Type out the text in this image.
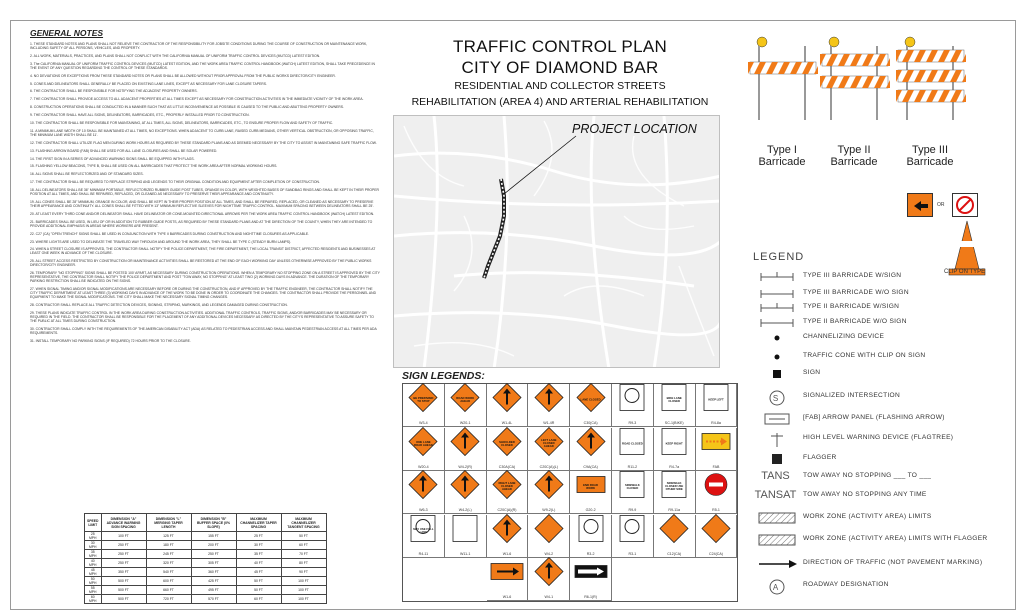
GENERAL NOTES
1. THESE STANDARD NOTES AND PLANS SHALL NOT RELIEVE THE CONTRACTOR OF THE RESPONSIBILITY FOR JOBSITE CONDITIONS DURING THE COURSE OF CONSTRUCTION OR MAINTENANCE WORK, INCLUDING SAFETY OF ALL PERSONS, VEHICLES, AND PROPERTY.
2. ALL WORK, MATERIALS, PRACTICES, AND PLANS SHALL NOT CONFLICT WITH THE CALIFORNIA MANUAL OF UNIFORM TRAFFIC CONTROL DEVICES (MUTCD) LATEST EDITION.
3. The CALIFORNIA MANUAL OF UNIFORM TRAFFIC CONTROL DEVICES (MUTCD) LATEST EDITION, AND THE WORK AREA TRAFFIC CONTROL HANDBOOK (WATCH) LATEST EDITION, SHALL TAKE PRECEDENCE IN THE EVENT OF ANY QUESTION REGARDING THE CONTROL OF THESE STANDARDS.
4. NO DEVIATIONS OR EXCEPTIONS FROM THESE STANDARD NOTES OR PLANS SHALL BE ALLOWED WITHOUT PRIOR APPROVAL FROM THE PUBLIC WORKS DIRECTOR/CITY ENGINEER.
5. CONES AND DELINEATORS SHALL GENERALLY BE PLACED ON EXISTING LANE LINES, EXCEPT AS NECESSARY FOR LANE CLOSURE TAPERS.
6. THE CONTRACTOR SHALL BE RESPONSIBLE FOR NOTIFYING THE ADJACENT PROPERTY OWNERS.
7. THE CONTRACTOR SHALL PROVIDE ACCESS TO ALL ADJACENT PROPERTIES AT ALL TIMES EXCEPT AS NECESSARY FOR CONSTRUCTION ACTIVITIES IN THE IMMEDIATE VICINITY OF THE WORK AREA.
8. CONSTRUCTION OPERATIONS SHALL BE CONDUCTED IN A MANNER SUCH THAT AS LITTLE INCONVENIENCE AS POSSIBLE IS CAUSED TO THE PUBLIC AND ABUTTING PROPERTY OWNERS.
9. THE CONTRACTOR SHALL HAVE ALL SIGNS, DELINEATORS, BARRICADES, ETC., PROPERLY INSTALLED PRIOR TO CONSTRUCTION.
10. THE CONTRACTOR SHALL BE RESPONSIBLE FOR MAINTAINING, AT ALL TIMES, ALL SIGNS, DELINEATORS, BARRICADES, ETC., TO ENSURE PROPER FLOW AND SAFETY OF TRAFFIC.
11. A MINIMUM LANE WIDTH OF 10 SHALL BE MAINTAINED AT ALL TIMES, NO EXCEPTIONS. WHEN ADJACENT TO CURB LANE, RAISED CURB MEDIANS, OTHER VERTICAL OBSTRUCTION, OR OPPOSING TRAFFIC, THE MINIMUM LANE WIDTH SHALL BE 11'.
12. THE CONTRACTOR SHALL UTILIZE FLAG MEN DURING WORK HOURS AS REQUIRED BY THESE STANDARD PLANS AND AS DEEMED NECESSARY BY THE CITY TO ASSIST IN MAINTAINING SAFE TRAFFIC FLOW.
13. FLASHING ARROW BOARD (FAB) SHALL BE USED FOR ALL LANE CLOSURES AND SHALL BE SOLAR POWERED.
14. THE FIRST SIGN IN A SERIES OF ADVANCED WARNING SIGNS SHALL BE EQUIPPED WITH FLAGS.
15. FLASHING YELLOW BEACONS, TYPE B, SHALL BE USED ON ALL BARRICADES THAT PROTECT THE WORK AREA AFTER NORMAL WORKING HOURS.
16. ALL SIGNS SHALL BE REFLECTORIZED AND OF STANDARD SIZES.
17. THE CONTRACTOR SHALL BE REQUIRED TO REPLACE STRIPING AND LEGENDS TO THEIR ORIGINAL CONDITION AND EQUIPMENT AFTER COMPLETION OF CONSTRUCTION.
18. ALL DELINEATORS SHALL BE 36" MINIMUM PORTABLE, REFLECTORIZED RUBBER GUIDE POST TUBES, ORANGE IN COLOR, WITH WEIGHTED BASES OF SANDBAG RINGS AND SHALL BE KEPT IN THEIR PROPER POSITION AT ALL TIMES, AND SHALL BE REPAIRED, REPLACED, OR CLEANED AS NECESSARY TO PRESERVE THEIR APPEARANCE AND CONTINUITY.
19. ALL CONES SHALL BE 28" MINIMUM, ORANGE IN COLOR, AND SHALL BE KEPT IN THEIR PROPER POSITION AT ALL TIMES, AND SHALL BE REPAIRED, REPLACED, OR CLEANED AS NECESSARY TO PRESERVE THEIR APPEARANCE AND CONTINUITY. ALL CONES SHALL BE FITTED WITH 13" MINIMUM REFLECTIVE SLEEVES FOR NIGHTTIME TRAFFIC CONTROL. MAXIMUM SPACING BETWEEN DELINEATORS SHALL BE 25'.
20. AT LEAST EVERY THIRD CONE AND/OR DELINEATOR SHALL HAVE DELINEATOR OR CONE-MOUNTED DIRECTIONAL ARROWS PER THE WORK AREA TRAFFIC CONTROL HANDBOOK (WATCH) LATEST EDITION.
21. BARRICADES SHALL BE USED, IN LIEU OF OR IN ADDITION TO RUBBER GUIDE POSTS, AS REQUIRED BY THESE STANDARD PLANS AND AT THE DIRECTION OF THE COUNTY, WHEN THEY ARE INTENDED TO PROVIDE ADDITIONAL EMPHASIS IN AREAS WHERE WORKERS ARE PRESENT.
22. C27 (CA) "OPEN TRENCH" SIGNS SHALL BE USED IN CONJUNCTION WITH TYPE II BARRICADES DURING CONSTRUCTION AND NIGHTTIME CLOSURES AS APPLICABLE.
23. WHERE LIGHTS ARE USED TO DELINEATE THE TRAVELED WAY THROUGH AND AROUND THE WORK AREA, THEY SHALL BE TYPE C (STEADY BURN LAMPS).
24. WHEN A STREET CLOSURE IS APPROVED, THE CONTRACTOR SHALL NOTIFY THE POLICE DEPARTMENT, THE FIRE DEPARTMENT, THE LOCAL TRANSIT DISTRICT, AFFECTED RESIDENTS AND BUSINESSES AT LEAST ONE WEEK IN ADVANCE OF THE CLOSURE.
25. ALL STREET ACCESS RESTRICTED BY CONSTRUCTION OR MAINTENANCE ACTIVITIES SHALL BE RESTORED AT THE END OF EACH WORKING DAY UNLESS OTHERWISE APPROVED BY THE PUBLIC WORKS DIRECTOR/CITY ENGINEER.
26. TEMPORARY "NO STOPPING" SIGNS SHALL BE POSTED 100' APART, AS NECESSARY DURING CONSTRUCTION OPERATIONS. WHEN A TEMPORARY NO STOPPING ZONE ON A STREET IS APPROVED BY THE CITY REPRESENTATIVE, THE CONTRACTOR SHALL NOTIFY THE POLICE DEPARTMENT AND POST "TOW AWAY, NO STOPPING" AT LEAST TWO (2) WORKING DAYS IN ADVANCE. THE DURATION OF THE TEMPORARY PARKING RESTRICTION SHALL BE INDICATED ON THE SIGNS.
27. WHEN SIGNAL TIMING AND/OR SIGNAL MODIFICATIONS ARE NECESSARY BEFORE OR DURING THE CONSTRUCTION, AND IF APPROVED BY THE TRAFFIC ENGINEER, THE CONTRACTOR SHALL NOTIFY THE CITY TRAFFIC DEPARTMENT AT LEAST THREE (3) WORKING DAYS IN ADVANCE OF THE WORK TO BE DONE IN ORDER TO COORDINATE THE CHANGES. THE CONTRACTOR SHALL PROVIDE THE PERSONNEL AND EQUIPMENT TO MAKE THE SIGNAL MODIFICATIONS. THE CITY SHALL MAKE THE NECESSARY SIGNAL TIMING CHANGES.
28. CONTRACTOR SHALL REPLACE ALL TRAFFIC DETECTION DEVICES, SIGNING, STRIPING, MARKINGS, AND LEGENDS DAMAGED DURING CONSTRUCTION.
29. THESE PLANS INDICATE TRAFFIC CONTROL IN THE WORK AREA DURING CONSTRUCTION ACTIVITIES. ADDITIONAL TRAFFIC CONTROLS, TRAFFIC SIGNS, AND/OR BARRICADES MAY BE NECESSARY OR REQUIRED IN THE FIELD. THE CONTRACTOR SHALL BE RESPONSIBLE FOR THE PLACEMENT OF ANY ADDITIONAL DEVICES NECESSARY AS DIRECTED BY THE CITY'S REPRESENTATIVE TO ASSURE SAFETY TO THE PUBLIC AT ALL TIMES DURING CONSTRUCTION.
30. CONTRACTOR SHALL COMPLY WITH THE REQUIREMENTS OF THE AMERICAN DISABILITY ACT (ADA) AS RELATED TO PEDESTRIAN ACCESS AND SHALL MAINTAIN PEDESTRIAN ACCESS AT ALL TIMES PER ADA REQUIREMENTS.
31. INSTALL TEMPORARY NO PARKING SIGNS (IF REQUIRED) 72 HOURS PRIOR TO THE CLOSURE.
SPEED LIMIT	DIMENSION "A" ADVANCE WARNING SIGN SPACING	DIMENSION "L" MERGING TAPER LENGTH	DIMENSION "B" BUFFER SPACE (0% SLOPE)	MAXIMUM CHANNELIZER TAPER SPACING	MAXIMUM CHANNELIZER TANGENT SPACING
25 MPH	100 FT	125 FT	155 FT	25 FT	50 FT
30 MPH	250 FT	180 FT	200 FT	30 FT	60 FT
35 MPH	250 FT	245 FT	250 FT	35 FT	70 FT
40 MPH	250 FT	320 FT	305 FT	40 FT	80 FT
45 MPH	350 FT	540 FT	360 FT	45 FT	90 FT
50 MPH	500 FT	600 FT	425 FT	50 FT	100 FT
55 MPH	500 FT	660 FT	495 FT	50 FT	100 FT
60 MPH	500 FT	720 FT	570 FT	60 FT	100 FT
TRAFFIC CONTROL PLAN
CITY OF DIAMOND BAR
RESIDENTIAL AND COLLECTOR STREETS
REHABILITATION (AREA 4) AND ARTERIAL REHABILITATION
PROJECT LOCATION
Type I
Barricade
Type II
Barricade
Type III
Barricade
OR
CLIP ON TYPE
LEGEND
TYPE III BARRICADE W/SIGN
TYPE III BARRICADE W/O SIGN
TYPE II BARRICADE W/SIGN
TYPE II BARRICADE W/O SIGN
CHANNELIZING DEVICE
TRAFFIC CONE WITH CLIP ON SIGN
SIGN
S	SIGNALIZED INTERSECTION
[FAB] ARROW PANEL (FLASHING ARROW)
HIGH LEVEL WARNING DEVICE (FLAGTREE)
FLAGGER
TANS	TOW AWAY NO STOPPING ___ TO ___
TANSAT TOW AWAY NO STOPPING ANY TIME
WORK ZONE (ACTIVITY AREA) LIMITS
WORK ZONE (ACTIVITY AREA) LIMITS WITH FLAGGER
DIRECTION OF TRAFFIC (NOT PAVEMENT MARKING)
A	ROADWAY DESIGNATION
SIGN LEGENDS:
BE PREPARED TO STOP
W3-4
ROAD WORK AHEAD
W20-1	W1-4L	W1-4R
LANE CLOSED
C30(CA)	R9-3
BIKE LANE CLOSED
SC-1(BIKE)
KEEP LEFT
R4-8a
ONE LANE ROAD AHEAD
W20-4	W4-2(R)
SHOULDER CLOSED
C30A(CA)
LEFT LANE CLOSED AHEAD
C20C(A)(L)	C9A(CA)
ROAD CLOSED
R11-2
KEEP RIGHT
R4-7a	FAB
W6-3	W4-2(L)
RIGHT LANE CLOSED AHEAD
C20C(A)(R)	W9-2(L)
END ROAD WORK
G20-2
SIDEWALK CLOSED
R9-9
SIDEWALK CLOSED USE OTHER SIDE
R9-11a	R5-1
MAY USE FULL LANE
R4-11	W11-1	W1-6	W4-2	R3-2	R3-1	C12(CA)	C24(CA)
W1-6	W4-1	R6-1(R)
